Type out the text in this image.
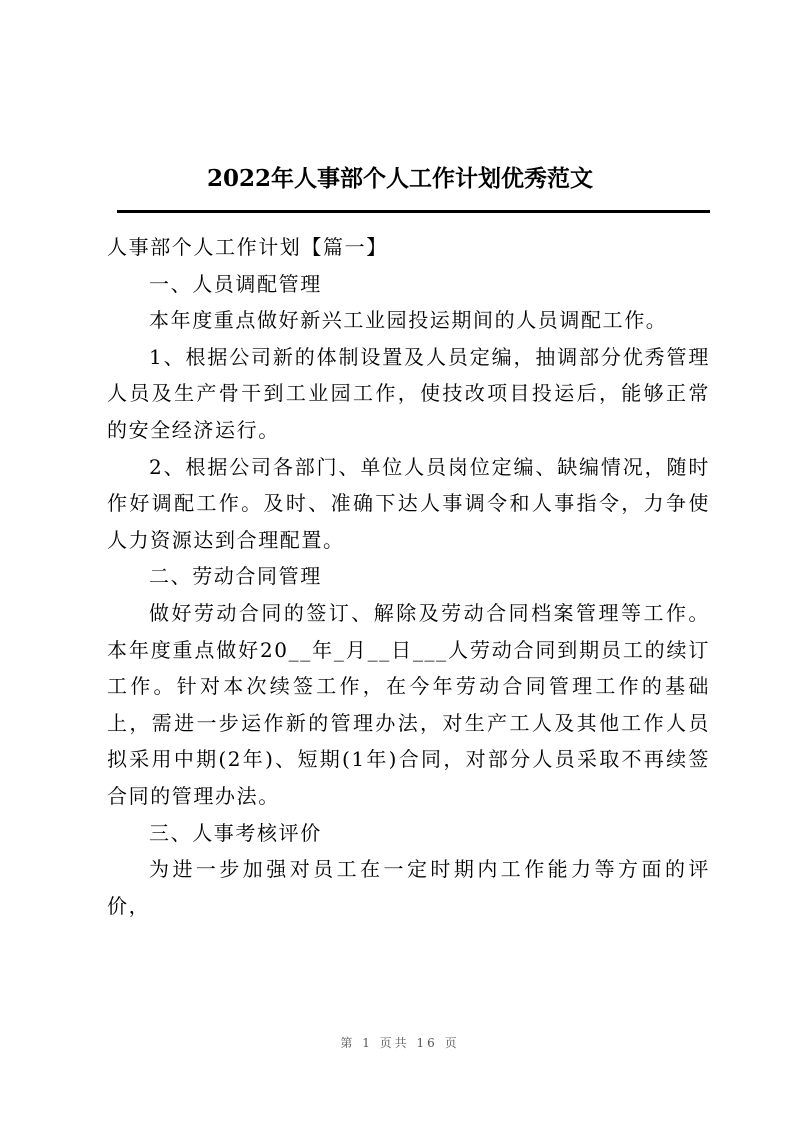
2022年人事部个人工作计划优秀范文

人事部个人工作计划【篇一】

一、人员调配管理

本年度重点做好新兴工业园投运期间的人员调配工作。

1、根据公司新的体制设置及人员定编，抽调部分优秀管理人员及生产骨干到工业园工作，使技改项目投运后，能够正常的安全经济运行。

2、根据公司各部门、单位人员岗位定编、缺编情况，随时作好调配工作。及时、准确下达人事调令和人事指令，力争使人力资源达到合理配置。

二、劳动合同管理

做好劳动合同的签订、解除及劳动合同档案管理等工作。本年度重点做好20__年_月__日___人劳动合同到期员工的续订工作。针对本次续签工作，在今年劳动合同管理工作的基础上，需进一步运作新的管理办法，对生产工人及其他工作人员拟采用中期(2年)、短期(1年)合同，对部分人员采取不再续签合同的管理办法。

三、人事考核评价

为进一步加强对员工在一定时期内工作能力等方面的评价，

第 1 页共 16 页
